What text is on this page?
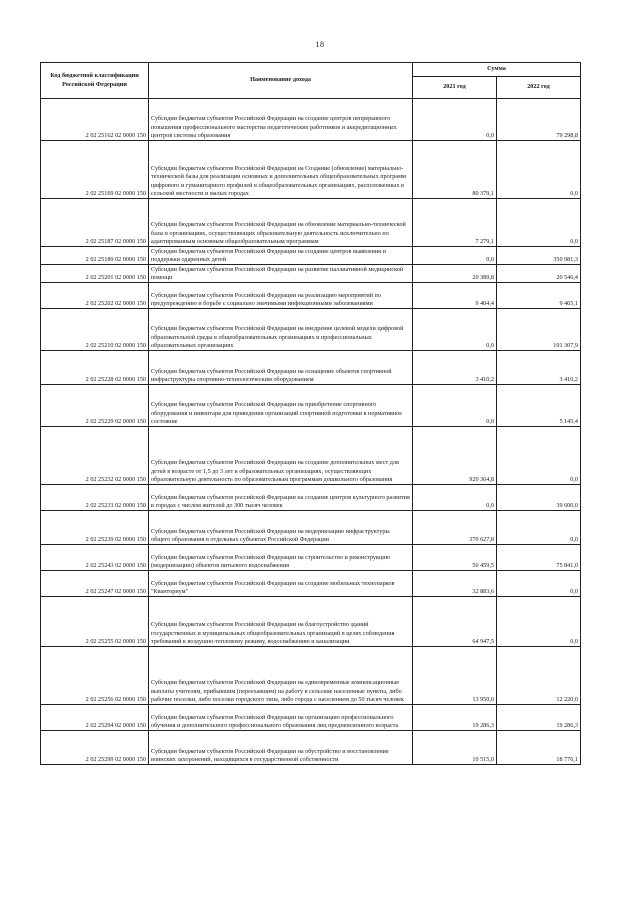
18
Код бюджетной классификации Российской Федерации	Наименование дохода	Сумма	
		2021 год	2022 год
2 02 25162 02 0000 150	Субсидии бюджетам субъектов Российской Федерации на создание центров непрерывного повышения профессионального мастерства педагогических работников и аккредитационных центров системы образования	0,0	79 298,8
2 02 25169 02 0000 150	Субсидии бюджетам субъектов Российской Федерации на Создание (обновление) материально-технической базы для реализации основных и дополнительных общеобразовательных программ цифрового и гуманитарного профилей в общеобразовательных организациях, расположенных в сельской местности и малых городах	80 379,1	0,0
2 02 25187 02 0000 150	Субсидии бюджетам субъектов Российской Федерации на обновление материально-технической базы в организациях, осуществляющих образовательную деятельность исключительно по адаптированным основным общеобразовательным программам	7 279,1	0,0
2 02 25189 02 0000 150	Субсидии бюджетам субъектов Российской Федерации на создание центров выявления и поддержки одаренных детей	0,0	350 981,3
2 02 25201 02 0000 150	Субсидии бюджетам субъектов Российской Федерации на развитие паллиативной медицинской помощи	20 389,8	20 546,4
2 02 25202 02 0000 150	Субсидии бюджетам субъектов Российской Федерации на реализацию мероприятий по предупреждению и борьбе с социально значимыми инфекционными заболеваниями	9 404,4	9 465,1
2 02 25210 02 0000 150	Субсидии бюджетам субъектов Российской Федерации на внедрение целевой модели цифровой образовательной среды в общеобразовательных организациях и профессиональных образовательных организациях	0,0	191 307,9
2 02 25228 02 0000 150	Субсидии бюджетам субъектов Российской Федерации на оснащение объектов спортивной инфраструктуры спортивно-технологическим оборудованием	3 410,2	3 410,2
2 02 25229 02 0000 150	Субсидии бюджетам субъектов Российской Федерации на приобретение спортивного оборудования и инвентаря для приведения организаций спортивной подготовки в нормативное состояние	0,0	5 145,4
2 02 25232 02 0000 150	Субсидии бюджетам субъектов Российской Федерации на создание дополнительных мест для детей в возрасте от 1,5 до 3 лет в образовательных организациях, осуществляющих образовательную деятельность по образовательным программам дошкольного образования	920 364,8	0,0
2 02 25233 02 0000 150	Субсидии бюджетам субъектов российской Федерации на создание центров культурного развития в городах с числом жителей до 300 тысяч человек	0,0	39 600,0
2 02 25239 02 0000 150	Субсидии бюджетам субъектов Российской Федерации на модернизацию инфраструктуры общего образования в отдельных субъектах Российской Федерации	370 627,8	0,0
2 02 25243 02 0000 150	Субсидии бюджетам субъектов Российской Федерации на строительство и реконструкцию (модернизацию) объектов питьевого водоснабжения	50 459,5	75 841,0
2 02 25247 02 0000 150	Субсидии бюджетам субъектов Российской Федерации на создание мобильных технопарков "Кванториум"	32 883,6	0,0
2 02 25255 02 0000 150	Субсидии бюджетам субъектов Российской Федерации на благоустройство зданий государственных и муниципальных общеобразовательных организаций в целях соблюдения требований к воздушно-тепловому режиму, водоснабжению и канализации	64 947,5	0,0
2 02 25256 02 0000 150	Субсидии бюджетам субъектов Российской Федерации на единовременные компенсационные выплаты учителям, прибывшим (переехавшим) на работу в сельские населенные пункты, либо рабочие поселки, либо поселки городского типа, либо города с населением до 50 тысяч человек	13 950,0	12 220,0
2 02 25294 02 0000 150	Субсидии бюджетам субъектов Российской Федерации на организацию профессионального обучения и дополнительного профессионального образования лиц предпенсионного возраста	19 286,3	19 286,3
2 02 25299 02 0000 150	Субсидии бюджетам субъектов Российской Федерации на обустройство и восстановление воинских захоронений, находящихся в государственной собственности	10 515,0	18 776,1
